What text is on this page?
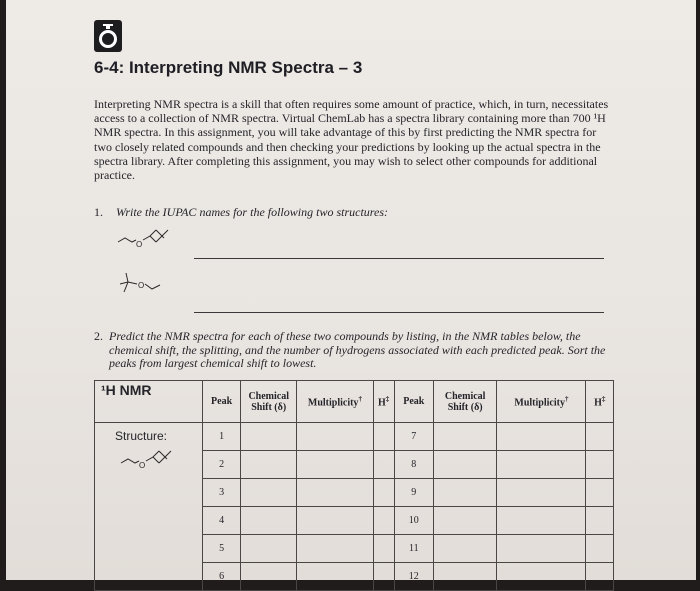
6-4: Interpreting NMR Spectra – 3

Interpreting NMR spectra is a skill that often requires some amount of practice, which, in turn, necessitates access to a collection of NMR spectra. Virtual ChemLab has a spectra library containing more than 700 ¹H NMR spectra. In this assignment, you will take advantage of this by first predicting the NMR spectra for two closely related compounds and then checking your predictions by looking up the actual spectra in the spectra library. After completing this assignment, you may wish to select other compounds for additional practice.

1. Write the IUPAC names for the following two structures:
O
O
2. Predict the NMR spectra for each of these two compounds by listing, in the NMR tables below, the chemical shift, the splitting, and the number of hydrogens associated with each predicted peak. Sort the peaks from largest chemical shift to lowest.
¹H NMR	Peak	Chemical Shift (δ)	Multiplicity†	H‡	Peak	Chemical Shift (δ)	Multiplicity†	H‡

Structure:
O	1				7			
	2				8			
	3				9			
	4				10			
	5				11			
	6				12			
